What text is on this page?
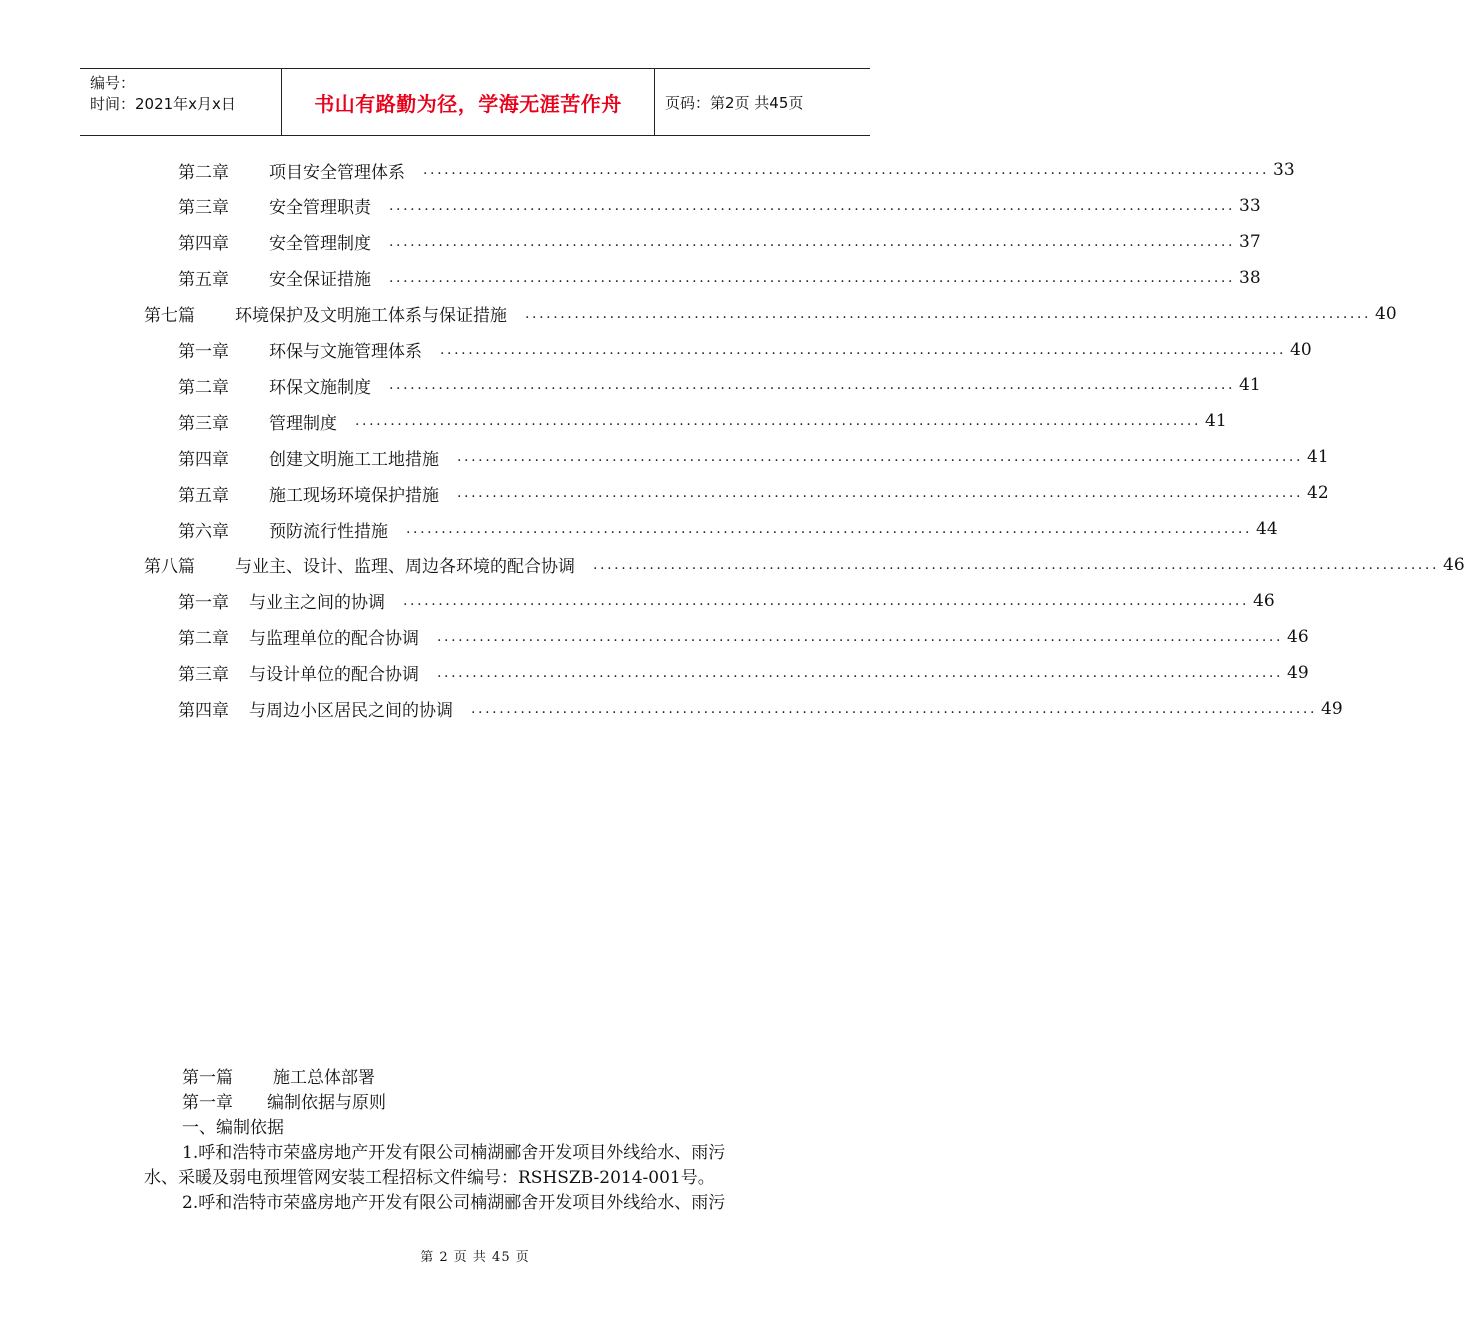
编号：
时间：2021年x月x日	书山有路勤为径，学海无涯苦作舟	页码：第2页 共45页
第二章 项目安全管理体系 ........................................................................................................................ 33
第三章 安全管理职责 ........................................................................................................................ 33
第四章 安全管理制度 ........................................................................................................................ 37
第五章 安全保证措施 ........................................................................................................................ 38
第七篇 环境保护及文明施工体系与保证措施 ........................................................................................................................ 40
第一章 环保与文施管理体系 ........................................................................................................................ 40
第二章 环保文施制度 ........................................................................................................................ 41
第三章 管理制度 ........................................................................................................................ 41
第四章 创建文明施工工地措施 ........................................................................................................................ 41
第五章 施工现场环境保护措施 ........................................................................................................................ 42
第六章 预防流行性措施 ........................................................................................................................ 44
第八篇 与业主、设计、监理、周边各环境的配合协调 ........................................................................................................................ 46
第一章 与业主之间的协调 ........................................................................................................................ 46
第二章 与监理单位的配合协调 ........................................................................................................................ 46
第三章 与设计单位的配合协调 ........................................................................................................................ 49
第四章 与周边小区居民之间的协调 ........................................................................................................................ 49

第一篇 施工总体部署

第一章 编制依据与原则

一、编制依据

1.呼和浩特市荣盛房地产开发有限公司楠湖郦舍开发项目外线给水、雨污

水、采暖及弱电预埋管网安装工程招标文件编号：RSHSZB-2014-001号。

2.呼和浩特市荣盛房地产开发有限公司楠湖郦舍开发项目外线给水、雨污

第 2 页 共 45 页
